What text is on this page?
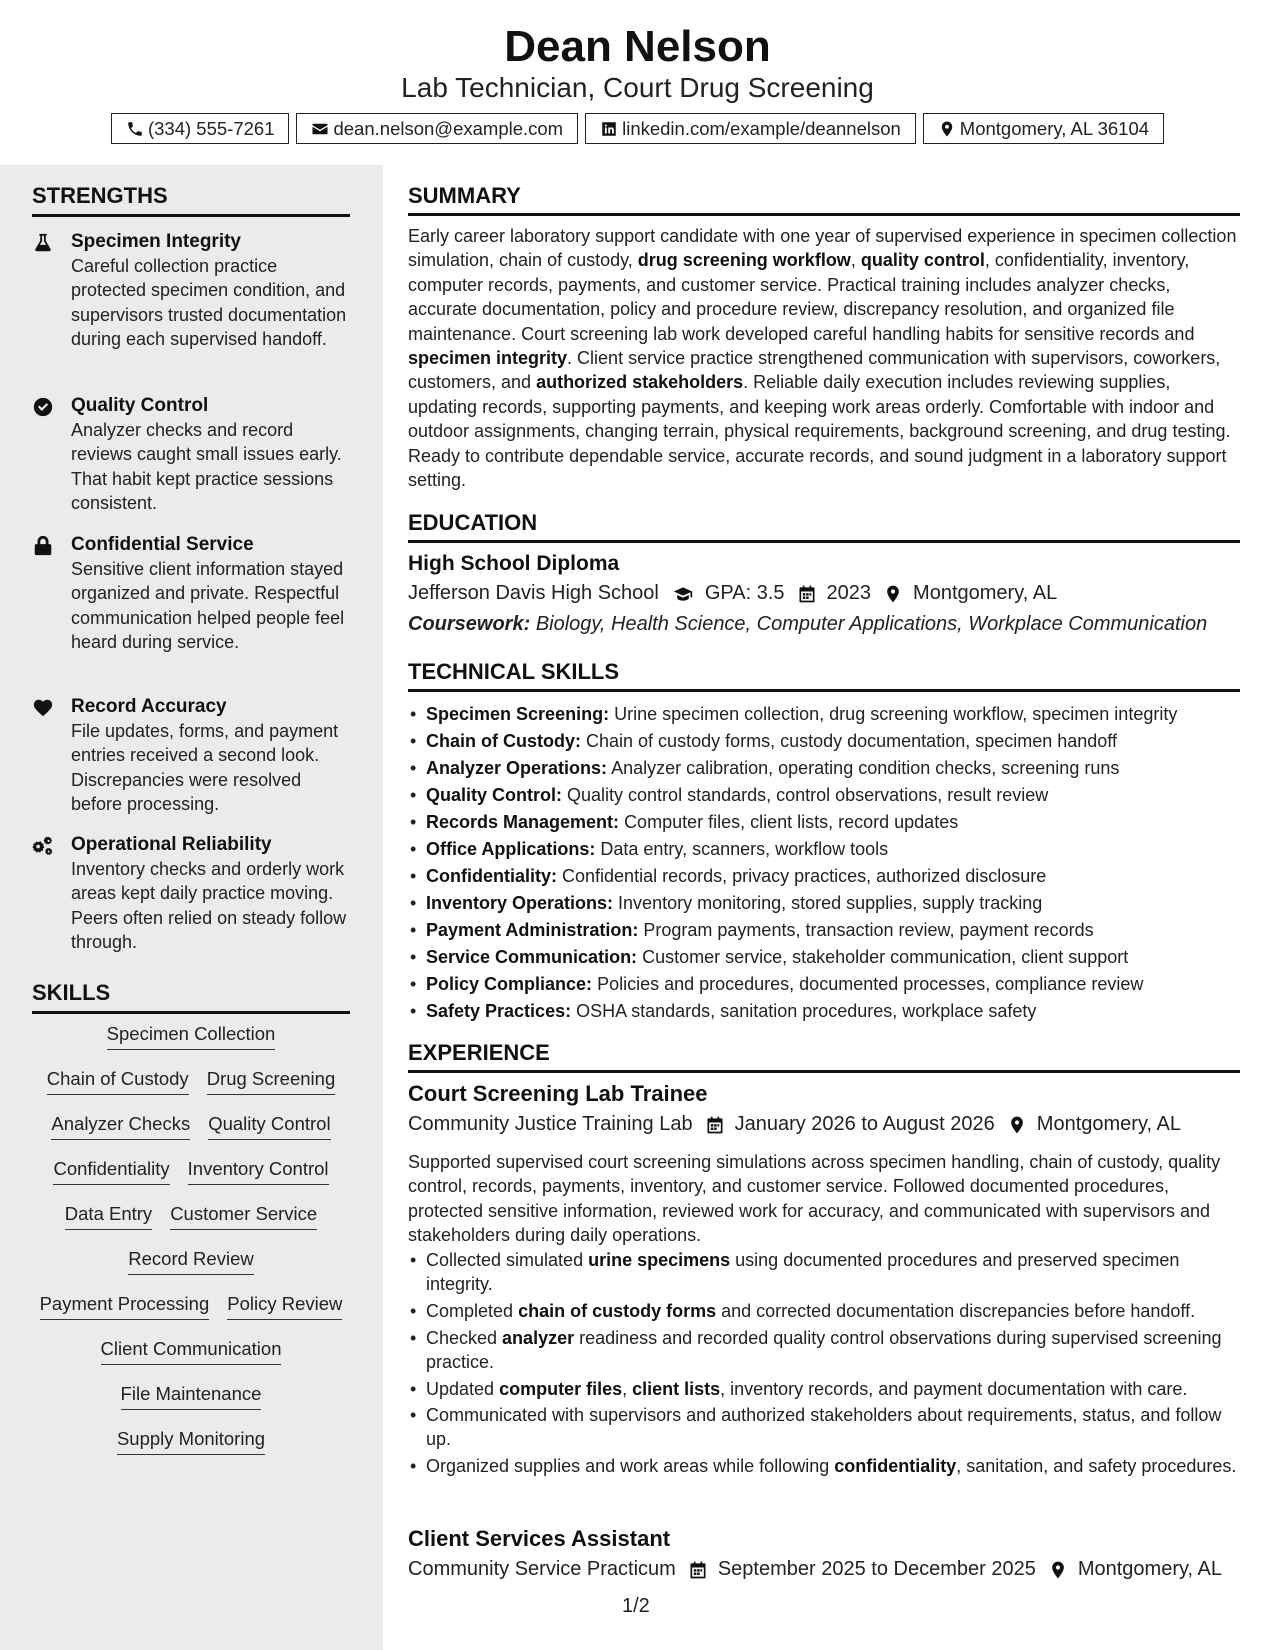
Dean Nelson
Lab Technician, Court Drug Screening
(334) 555-7261	dean.nelson@example.com	linkedin.com/example/deannelson	Montgomery, AL 36104
STRENGTHS
Specimen Integrity
Careful collection practice protected specimen condition, and supervisors trusted documentation during each supervised handoff.
Quality Control
Analyzer checks and record reviews caught small issues early. That habit kept practice sessions consistent.
Confidential Service
Sensitive client information stayed organized and private. Respectful communication helped people feel heard during service.
Record Accuracy
File updates, forms, and payment entries received a second look. Discrepancies were resolved before processing.
Operational Reliability
Inventory checks and orderly work areas kept daily practice moving. Peers often relied on steady follow through.
SKILLS
Specimen Collection
Chain of Custody Drug Screening
Analyzer Checks Quality Control
Confidentiality Inventory Control
Data Entry Customer Service
Record Review
Payment Processing Policy Review
Client Communication
File Maintenance
Supply Monitoring
SUMMARY
Early career laboratory support candidate with one year of supervised experience in specimen collection simulation, chain of custody, drug screening workflow, quality control, confidentiality, inventory, computer records, payments, and customer service. Practical training includes analyzer checks, accurate documentation, policy and procedure review, discrepancy resolution, and organized file maintenance. Court screening lab work developed careful handling habits for sensitive records and specimen integrity. Client service practice strengthened communication with supervisors, coworkers, customers, and authorized stakeholders. Reliable daily execution includes reviewing supplies, updating records, supporting payments, and keeping work areas orderly. Comfortable with indoor and outdoor assignments, changing terrain, physical requirements, background screening, and drug testing. Ready to contribute dependable service, accurate records, and sound judgment in a laboratory support setting.
EDUCATION
High School Diploma
Jefferson Davis High School GPA: 3.5 2023 Montgomery, AL
Coursework: Biology, Health Science, Computer Applications, Workplace Communication
TECHNICAL SKILLS
• Specimen Screening: Urine specimen collection, drug screening workflow, specimen integrity
• Chain of Custody: Chain of custody forms, custody documentation, specimen handoff
• Analyzer Operations: Analyzer calibration, operating condition checks, screening runs
• Quality Control: Quality control standards, control observations, result review
• Records Management: Computer files, client lists, record updates
• Office Applications: Data entry, scanners, workflow tools
• Confidentiality: Confidential records, privacy practices, authorized disclosure
• Inventory Operations: Inventory monitoring, stored supplies, supply tracking
• Payment Administration: Program payments, transaction review, payment records
• Service Communication: Customer service, stakeholder communication, client support
• Policy Compliance: Policies and procedures, documented processes, compliance review
• Safety Practices: OSHA standards, sanitation procedures, workplace safety
EXPERIENCE
Court Screening Lab Trainee
Community Justice Training Lab January 2026 to August 2026 Montgomery, AL
Supported supervised court screening simulations across specimen handling, chain of custody, quality control, records, payments, inventory, and customer service. Followed documented procedures, protected sensitive information, reviewed work for accuracy, and communicated with supervisors and stakeholders during daily operations.
• Collected simulated urine specimens using documented procedures and preserved specimen integrity.
• Completed chain of custody forms and corrected documentation discrepancies before handoff.
• Checked analyzer readiness and recorded quality control observations during supervised screening practice.
• Updated computer files, client lists, inventory records, and payment documentation with care.
• Communicated with supervisors and authorized stakeholders about requirements, status, and follow up.
• Organized supplies and work areas while following confidentiality, sanitation, and safety procedures.
Client Services Assistant
Community Service Practicum September 2025 to December 2025 Montgomery, AL
1/2
